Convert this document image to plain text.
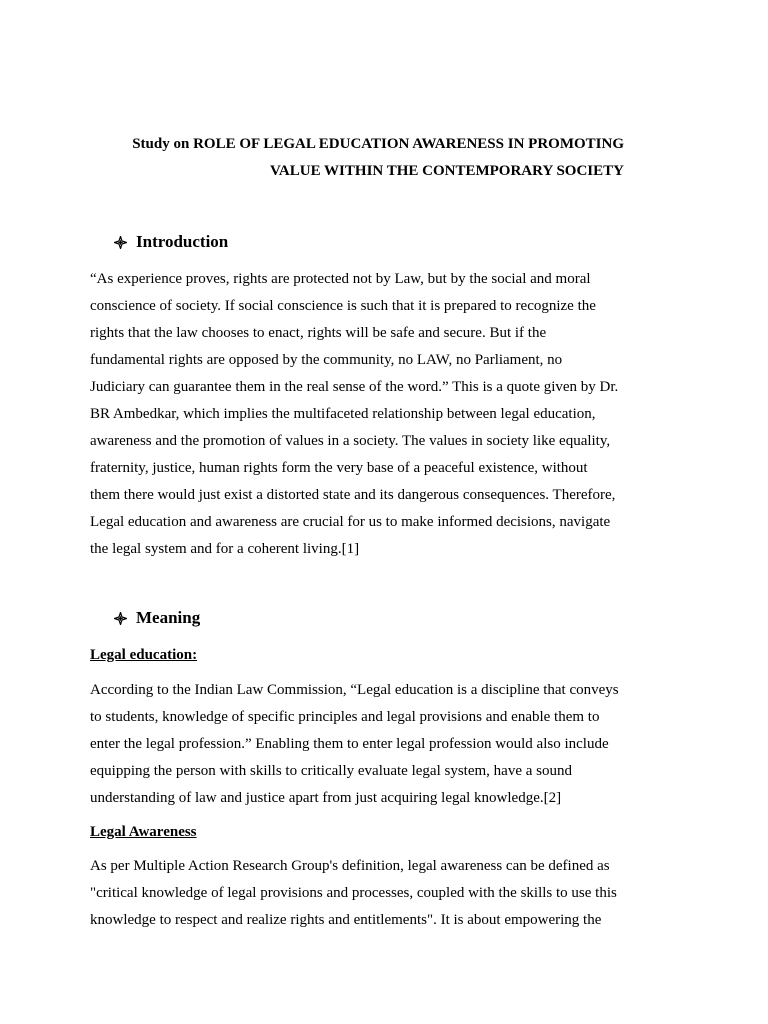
Study on ROLE OF LEGAL EDUCATION AWARENESS IN PROMOTING
VALUE WITHIN THE CONTEMPORARY SOCIETY
Introduction
“As experience proves, rights are protected not by Law, but by the social and moral
conscience of society. If social conscience is such that it is prepared to recognize the
rights that the law chooses to enact, rights will be safe and secure. But if the
fundamental rights are opposed by the community, no LAW, no Parliament, no
Judiciary can guarantee them in the real sense of the word.” This is a quote given by Dr.
BR Ambedkar, which implies the multifaceted relationship between legal education,
awareness and the promotion of values in a society. The values in society like equality,
fraternity, justice, human rights form the very base of a peaceful existence, without
them there would just exist a distorted state and its dangerous consequences. Therefore,
Legal education and awareness are crucial for us to make informed decisions, navigate
the legal system and for a coherent living.[1]
Meaning
Legal education:
According to the Indian Law Commission, “Legal education is a discipline that conveys
to students, knowledge of specific principles and legal provisions and enable them to
enter the legal profession.” Enabling them to enter legal profession would also include
equipping the person with skills to critically evaluate legal system, have a sound
understanding of law and justice apart from just acquiring legal knowledge.[2]
Legal Awareness
As per Multiple Action Research Group's definition, legal awareness can be defined as
"critical knowledge of legal provisions and processes, coupled with the skills to use this
knowledge to respect and realize rights and entitlements". It is about empowering the
